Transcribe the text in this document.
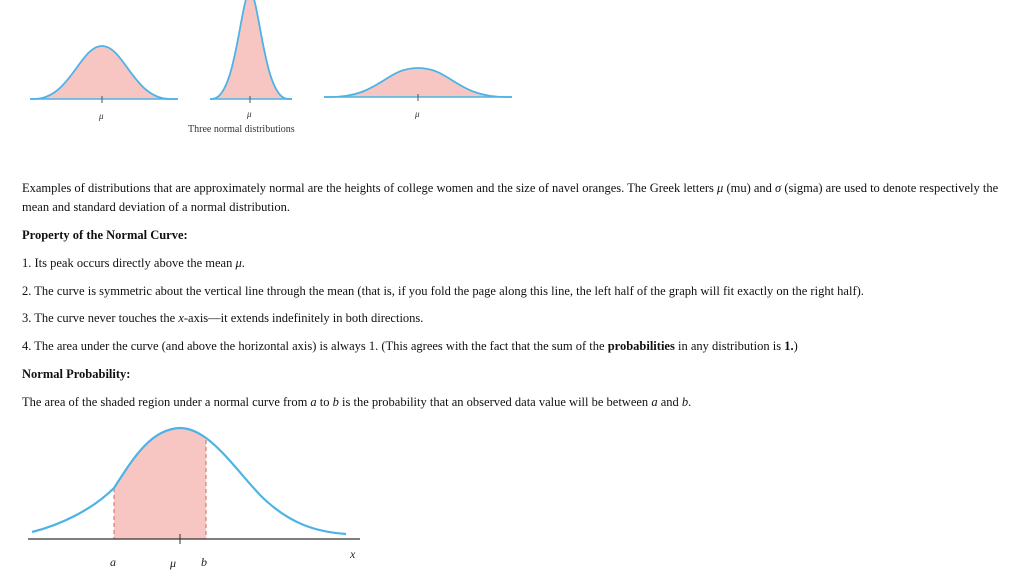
μ	μ	μ
Three normal distributions
Examples of distributions that are approximately normal are the heights of college women and the size of navel oranges. The Greek letters μ (mu) and σ (sigma) are used to denote respectively the mean and standard deviation of a normal distribution.
Property of the Normal Curve:
1. Its peak occurs directly above the mean μ.
2. The curve is symmetric about the vertical line through the mean (that is, if you fold the page along this line, the left half of the graph will fit exactly on the right half).
3. The curve never touches the x-axis—it extends indefinitely in both directions.
4. The area under the curve (and above the horizontal axis) is always 1. (This agrees with the fact that the sum of the probabilities in any distribution is 1.)
Normal Probability:
The area of the shaded region under a normal curve from a to b is the probability that an observed data value will be between a and b.
a	μ b
x
